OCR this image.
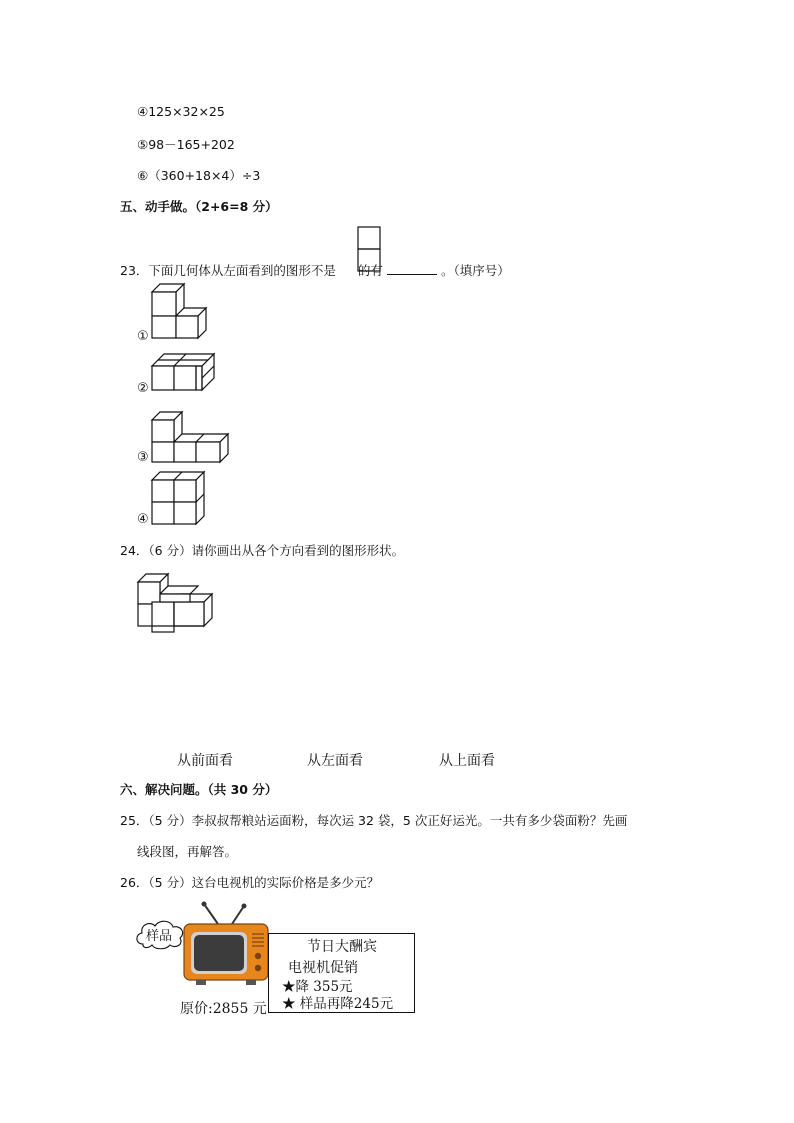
④125×32×25
⑤98－165+202
⑥（360+18×4）÷3
五、动手做。（2+6=8 分）
23．下面几何体从左面看到的图形不是 的有	。（填序号）
①
②
③
④
24．（6 分）请你画出从各个方向看到的图形形状。
从前面看	从左面看	从上面看
六、解决问题。（共 30 分）
25．（5 分）李叔叔帮粮站运面粉，每次运 32 袋，5 次正好运光。一共有多少袋面粉？先画
线段图，再解答。
26．（5 分）这台电视机的实际价格是多少元？
样品
原价:2855 元
节日大酬宾
电视机促销
★降 355元
★ 样品再降245元
